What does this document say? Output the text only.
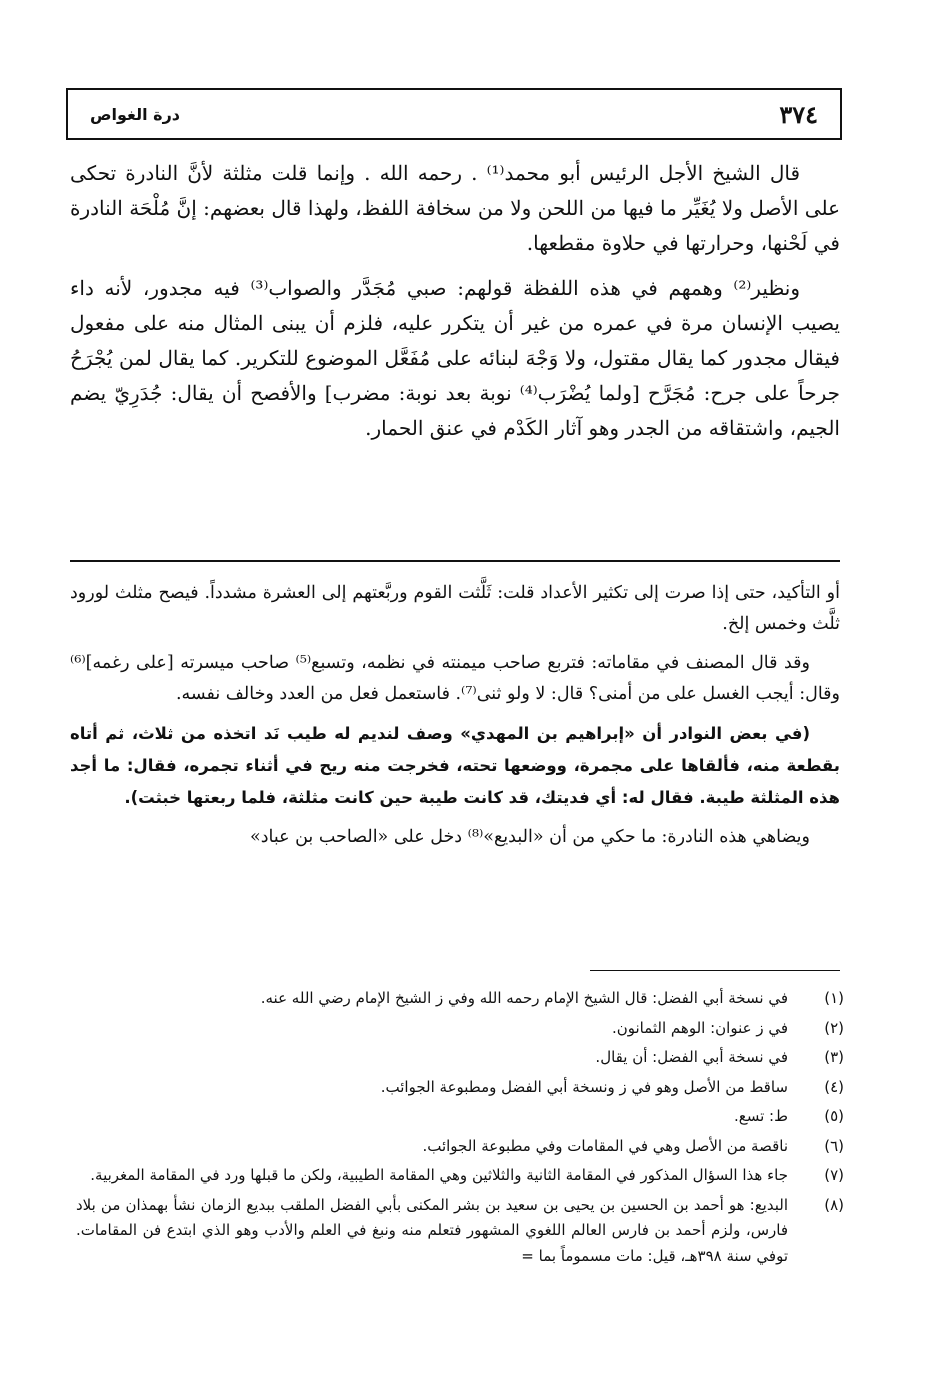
٣٧٤
درة الغواص

قال الشيخ الأجل الرئيس أبو محمد⁽¹⁾ . رحمه الله . وإنما قلت مثلثة لأنَّ النادرة تحكى على الأصل ولا يُغَيِّر ما فيها من اللحن ولا من سخافة اللفظ، ولهذا قال بعضهم: إنَّ مُلْحَة النادرة في لَحْنها، وحرارتها في حلاوة مقطعها.

ونظير⁽²⁾ وهمهم في هذه اللفظة قولهم: صبي مُجَدَّر والصواب⁽³⁾ فيه مجدور، لأنه داء يصيب الإنسان مرة في عمره من غير أن يتكرر عليه، فلزم أن يبنى المثال منه على مفعول فيقال مجدور كما يقال مقتول، ولا وَجْهَ لبنائه على مُفَعَّل الموضوع للتكرير. كما يقال لمن يُجْرَحُ جرحاً على جرح: مُجَرَّح [ولما يُضْرَب⁽⁴⁾ نوبة بعد نوبة: مضرب] والأفصح أن يقال: جُدَرِيّ يضم الجيم، واشتقاقه من الجدر وهو آثار الكَدْم في عنق الحمار.

أو التأكيد، حتى إذا صرت إلى تكثير الأعداد قلت: ثَلَّثت القوم وربَّعتهم إلى العشرة مشدداً. فيصح مثلث لورود ثلَّث وخمس إلخ.

وقد قال المصنف في مقاماته: فتربع صاحب ميمنته في نظمه، وتسبع⁽⁵⁾ صاحب ميسرته [على رغمه]⁽⁶⁾ وقال: أيجب الغسل على من أمنى؟ قال: لا ولو ثنى⁽⁷⁾. فاستعمل فعل من العدد وخالف نفسه.

(في بعض النوادر أن «إبراهيم بن المهدي» وصف لنديم له طيب نَد اتخذه من ثلاث، ثم أتاه بقطعة منه، فألقاها على مجمرة، ووضعها تحته، فخرجت منه ريح في أثناء تجمره، فقال: ما أجد هذه المثلثة طيبة. فقال له: أي فديتك، قد كانت طيبة حين كانت مثلثة، فلما ربعتها خبثت).

ويضاهي هذه النادرة: ما حكي من أن «البديع»⁽⁸⁾ دخل على «الصاحب بن عباد»

(١)
في نسخة أبي الفضل: قال الشيخ الإمام رحمه الله وفي ز الشيخ الإمام رضي الله عنه.
(٢)
في ز عنوان: الوهم الثمانون.
(٣)
في نسخة أبي الفضل: أن يقال.
(٤)
ساقط من الأصل وهو في ز ونسخة أبي الفضل ومطبوعة الجوائب.
(٥)
ط: تسع.
(٦)
ناقصة من الأصل وهي في المقامات وفي مطبوعة الجوائب.
(٧)
جاء هذا السؤال المذكور في المقامة الثانية والثلاثين وهي المقامة الطيبية، ولكن ما قبلها ورد في المقامة المغربية.
(٨)
البديع: هو أحمد بن الحسين بن يحيى بن سعيد بن بشر المكنى بأبي الفضل الملقب ببديع الزمان نشأ بهمذان من بلاد فارس، ولزم أحمد بن فارس العالم اللغوي المشهور فتعلم منه ونبغ في العلم والأدب وهو الذي ابتدع فن المقامات. توفي سنة ٣٩٨هـ، قيل: مات مسموماً بما =
